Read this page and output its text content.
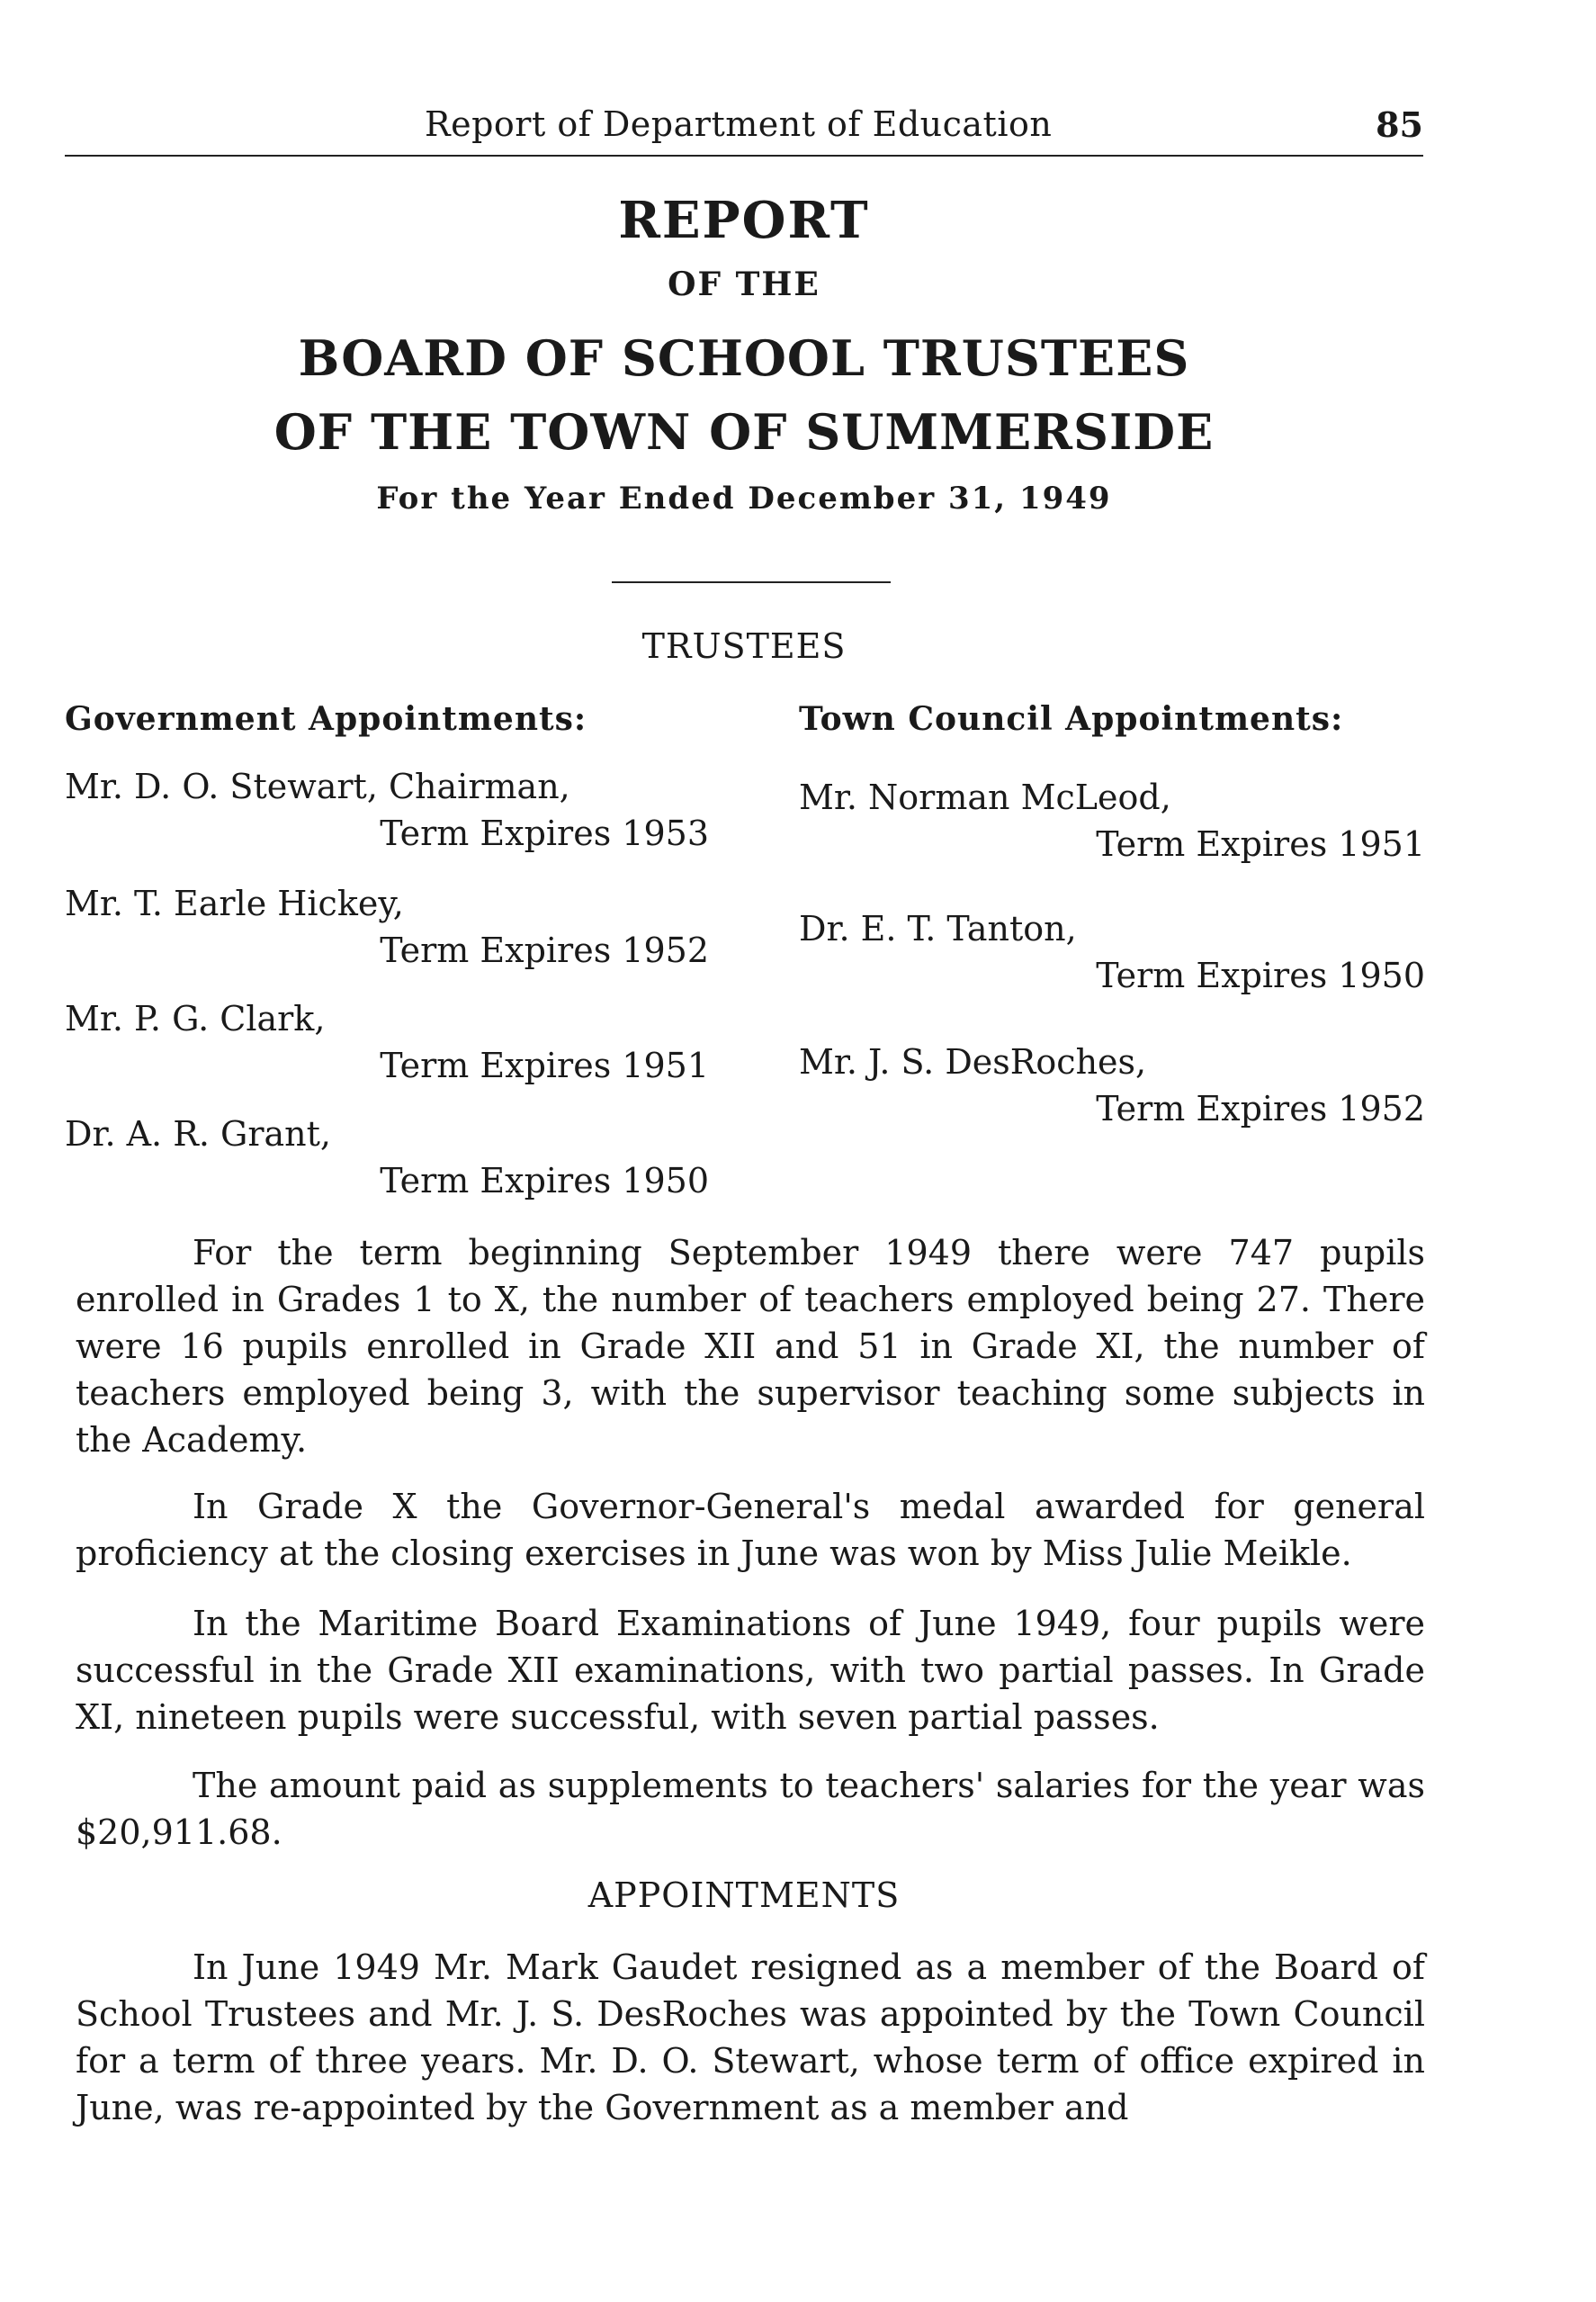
Report of Department of Education	85
REPORT
OF THE
BOARD OF SCHOOL TRUSTEES
OF THE TOWN OF SUMMERSIDE
For the Year Ended December 31, 1949
TRUSTEES
Government Appointments:	Town Council Appointments:
Mr. D. O. Stewart, Chairman,
Term Expires 1953
Mr. T. Earle Hickey,
Term Expires 1952
Mr. P. G. Clark,
Term Expires 1951
Dr. A. R. Grant,
Term Expires 1950
Mr. Norman McLeod,
Term Expires 1951
Dr. E. T. Tanton,
Term Expires 1950
Mr. J. S. DesRoches,
Term Expires 1952

For the term beginning September 1949 there were 747 pupils enrolled in Grades 1 to X, the number of teachers employed being 27. There were 16 pupils enrolled in Grade XII and 51 in Grade XI, the number of teachers employed being 3, with the supervisor teaching some subjects in the Academy.

In Grade X the Governor-General's medal awarded for general proficiency at the closing exercises in June was won by Miss Julie Meikle.

In the Maritime Board Examinations of June 1949, four pupils were successful in the Grade XII examinations, with two partial passes. In Grade XI, nineteen pupils were successful, with seven partial passes.

The amount paid as supplements to teachers' salaries for the year was $20,911.68.

APPOINTMENTS

In June 1949 Mr. Mark Gaudet resigned as a member of the Board of School Trustees and Mr. J. S. DesRoches was appointed by the Town Council for a term of three years. Mr. D. O. Stewart, whose term of office expired in June, was re-appointed by the Government as a member and
